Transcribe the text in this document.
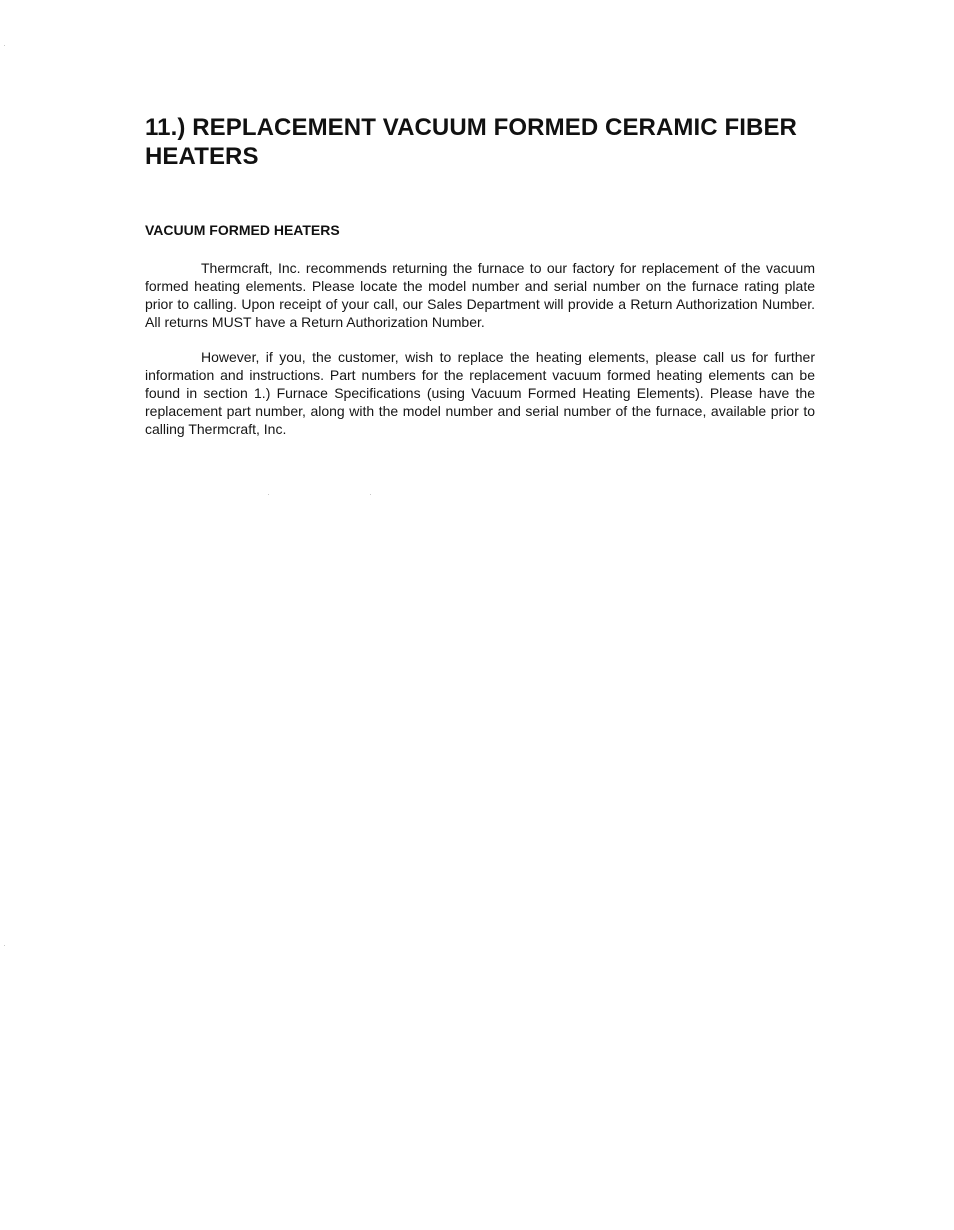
11.) REPLACEMENT VACUUM FORMED CERAMIC FIBER HEATERS
VACUUM FORMED HEATERS

Thermcraft, Inc. recommends returning the furnace to our factory for replacement of the vacuum formed heating elements. Please locate the model number and serial number on the furnace rating plate prior to calling. Upon receipt of your call, our Sales Department will provide a Return Authorization Number. All returns MUST have a Return Authorization Number.

However, if you, the customer, wish to replace the heating elements, please call us for further information and instructions. Part numbers for the replacement vacuum formed heating elements can be found in section 1.) Furnace Specifications (using Vacuum Formed Heating Elements). Please have the replacement part number, along with the model number and serial number of the furnace, available prior to calling Thermcraft, Inc.
